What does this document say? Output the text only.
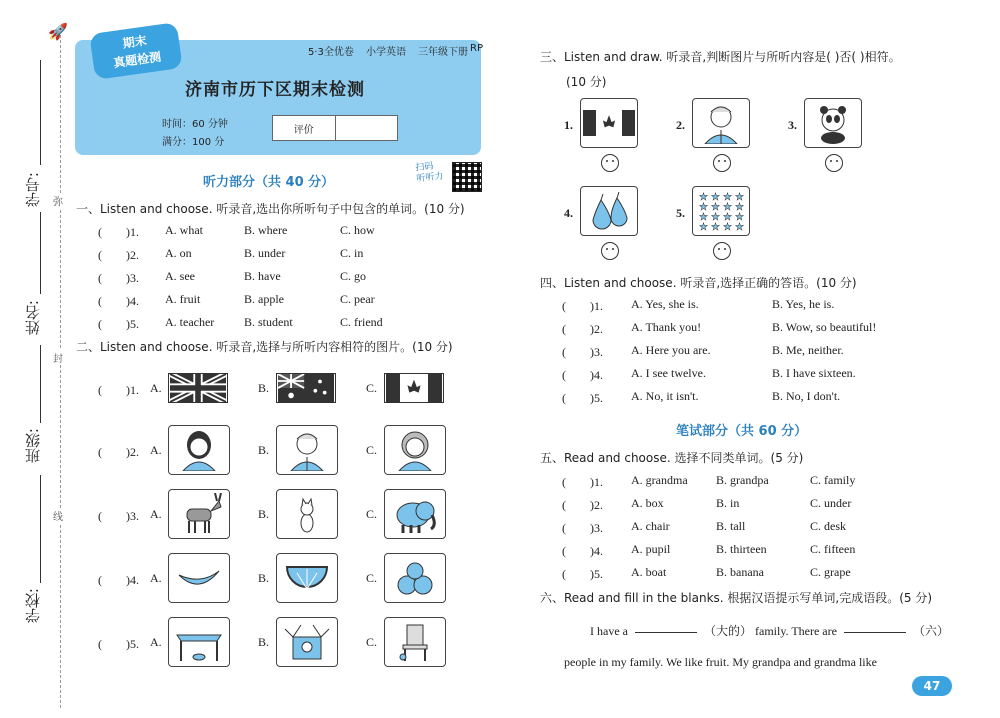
学号:
姓名:
班级:
学校:
弥
封
线
🚀
期末
真题检测	5·3全优卷 小学英语 三年级下册 RP
济南市历下区期末检测
时间：60 分钟
满分：100 分
评价
听力部分（共 40 分）
扫码
听听力
一、Listen and choose. 听录音,选出你所听句子中包含的单词。(10 分)
(　　)1. A. what	B. where	C. how
(　　)2. A. on	B. under	C. in
(　　)3. A. see	B. have	C. go
(　　)4. A. fruit	B. apple	C. pear
(　　)5. A. teacher B. student	C. friend
二、Listen and choose. 听录音,选择与所听内容相符的图片。(10 分)
(　　)1. A.	B.	C.
(　　)2. A.	B.	C.
(　　)3. A.	B.	C.
(　　)4. A.	B.	C.
(　　)5. A.	B.	C.
三、Listen and draw. 听录音,判断图片与所听内容是( )否( )相符。
(10 分)
1.	2.	3.
4.	5.
★ ★ ★ ★
★ ★ ★ ★
★ ★ ★ ★
★ ★ ★ ★
四、Listen and choose. 听录音,选择正确的答语。(10 分)
(　　)1. A. Yes, she is.	B. Yes, he is.
(　　)2. A. Thank you!	B. Wow, so beautiful!
(　　)3. A. Here you are.	B. Me, neither.
(　　)4. A. I see twelve.	B. I have sixteen.
(　　)5. A. No, it isn't.	B. No, I don't.
笔试部分（共 60 分）
五、Read and choose. 选择不同类单词。(5 分)
(　　)1. A. grandma B. grandpa	C. family
(　　)2. A. box	B. in	C. under
(　　)3. A. chair	B. tall	C. desk
(　　)4. A. pupil	B. thirteen	C. fifteen
(　　)5. A. boat	B. banana	C. grape
六、Read and fill in the blanks. 根据汉语提示写单词,完成语段。(5 分)
I have a	（大的） family. There are	（六）
people in my family. We like fruit. My grandpa and grandma like
47
